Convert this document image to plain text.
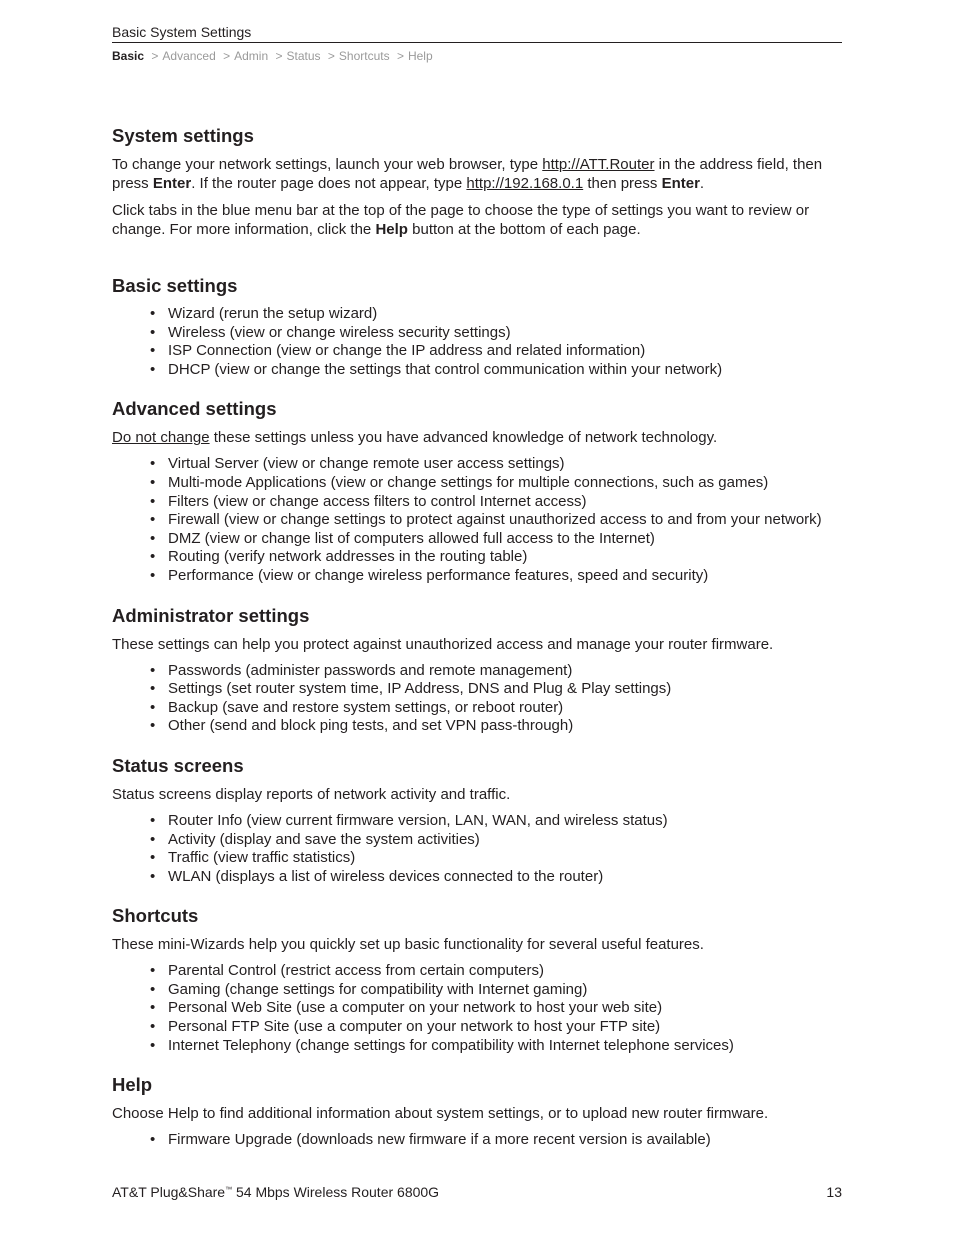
Basic System Settings
Basic > Advanced > Admin > Status > Shortcuts > Help
System settings

To change your network settings, launch your web browser, type http://ATT.Router in the address field, then press Enter. If the router page does not appear, type http://192.168.0.1 then press Enter.

Click tabs in the blue menu bar at the top of the page to choose the type of settings you want to review or change. For more information, click the Help button at the bottom of each page.

Basic settings
• Wizard (rerun the setup wizard)
• Wireless (view or change wireless security settings)
• ISP Connection (view or change the IP address and related information)
• DHCP (view or change the settings that control communication within your network)
Advanced settings

Do not change these settings unless you have advanced knowledge of network technology.

• Virtual Server (view or change remote user access settings)
• Multi-mode Applications (view or change settings for multiple connections, such as games)
• Filters (view or change access filters to control Internet access)
• Firewall (view or change settings to protect against unauthorized access to and from your network)
• DMZ (view or change list of computers allowed full access to the Internet)
• Routing (verify network addresses in the routing table)
• Performance (view or change wireless performance features, speed and security)
Administrator settings

These settings can help you protect against unauthorized access and manage your router firmware.

• Passwords (administer passwords and remote management)
• Settings (set router system time, IP Address, DNS and Plug & Play settings)
• Backup (save and restore system settings, or reboot router)
• Other (send and block ping tests, and set VPN pass-through)
Status screens

Status screens display reports of network activity and traffic.

• Router Info (view current firmware version, LAN, WAN, and wireless status)
• Activity (display and save the system activities)
• Traffic (view traffic statistics)
• WLAN (displays a list of wireless devices connected to the router)
Shortcuts

These mini-Wizards help you quickly set up basic functionality for several useful features.

• Parental Control (restrict access from certain computers)
• Gaming (change settings for compatibility with Internet gaming)
• Personal Web Site (use a computer on your network to host your web site)
• Personal FTP Site (use a computer on your network to host your FTP site)
• Internet Telephony (change settings for compatibility with Internet telephone services)
Help

Choose Help to find additional information about system settings, or to upload new router firmware.

• Firmware Upgrade (downloads new firmware if a more recent version is available)
AT&T Plug&Share™ 54 Mbps Wireless Router 6800G	13
